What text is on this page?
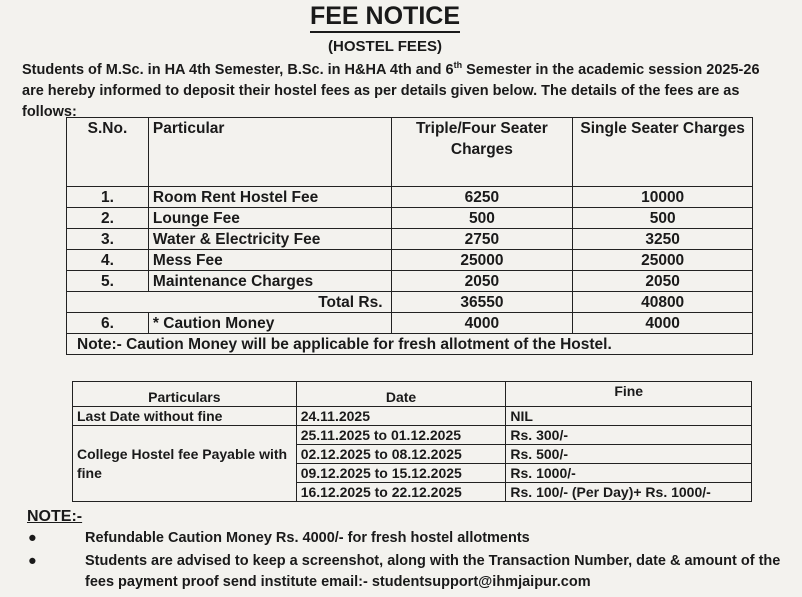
FEE NOTICE
(HOSTEL FEES)
Students of M.Sc. in HA 4th Semester, B.Sc. in H&HA 4th and 6th Semester in the academic session 2025-26 are hereby informed to deposit their hostel fees as per details given below. The details of the fees are as follows:
S.No.	Particular	Triple/Four Seater Charges	Single Seater Charges
1.	Room Rent Hostel Fee	6250	10000
2.	Lounge Fee	500	500
3.	Water & Electricity Fee	2750	3250
4.	Mess Fee	25000	25000
5.	Maintenance Charges	2050	2050
Total Rs.		36550	40800
6.	* Caution Money	4000	4000
Note:- Caution Money will be applicable for fresh allotment of the Hostel.			
Particulars	Date	Fine
Last Date without fine	24.11.2025	NIL
College Hostel fee Payable with fine	25.11.2025 to 01.12.2025	Rs. 300/-
	02.12.2025 to 08.12.2025	Rs. 500/-
	09.12.2025 to 15.12.2025	Rs. 1000/-
	16.12.2025 to 22.12.2025	Rs. 100/- (Per Day)+ Rs. 1000/-
NOTE:-
●	Refundable Caution Money Rs. 4000/- for fresh hostel allotments
●	Students are advised to keep a screenshot, along with the Transaction Number, date & amount of the fees payment proof send institute email:- studentsupport@ihmjaipur.com
